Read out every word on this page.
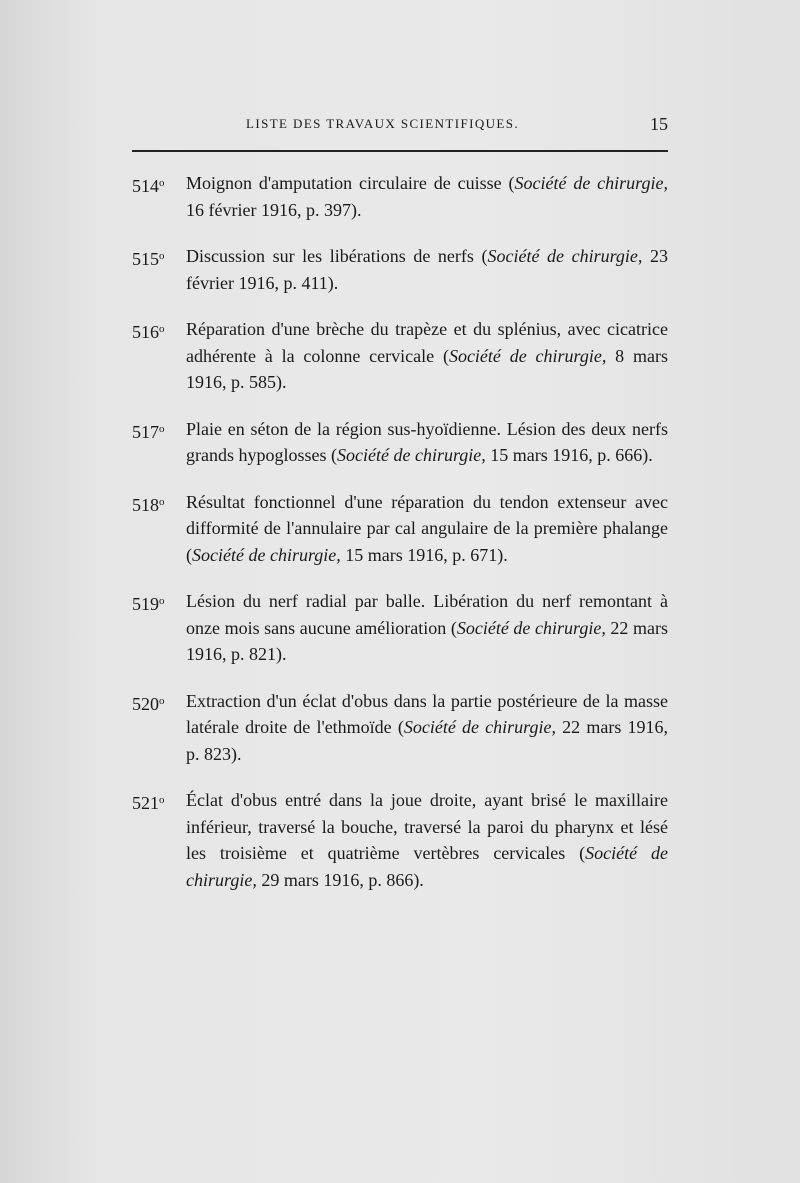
LISTE DES TRAVAUX SCIENTIFIQUES.	15
514$^o$ Moignon d'amputation circulaire de cuisse (Société de chirurgie, 16 février 1916, p. 397).
515$^o$ Discussion sur les libérations de nerfs (Société de chirurgie, 23 février 1916, p. 411).
516$^o$ Réparation d'une brèche du trapèze et du splénius, avec cicatrice adhérente à la colonne cervicale (Société de chirurgie, 8 mars 1916, p. 585).
517$^o$ Plaie en séton de la région sus-hyoïdienne. Lésion des deux nerfs grands hypoglosses (Société de chirurgie, 15 mars 1916, p. 666).
518$^o$ Résultat fonctionnel d'une réparation du tendon extenseur avec difformité de l'annulaire par cal angulaire de la première phalange (Société de chirurgie, 15 mars 1916, p. 671).
519$^o$ Lésion du nerf radial par balle. Libération du nerf remontant à onze mois sans aucune amélioration (Société de chirurgie, 22 mars 1916, p. 821).
520$^o$ Extraction d'un éclat d'obus dans la partie postérieure de la masse latérale droite de l'ethmoïde (Société de chirurgie, 22 mars 1916, p. 823).
521$^o$ Éclat d'obus entré dans la joue droite, ayant brisé le maxillaire inférieur, traversé la bouche, traversé la paroi du pharynx et lésé les troisième et quatrième vertèbres cervicales (Société de chirurgie, 29 mars 1916, p. 866).
